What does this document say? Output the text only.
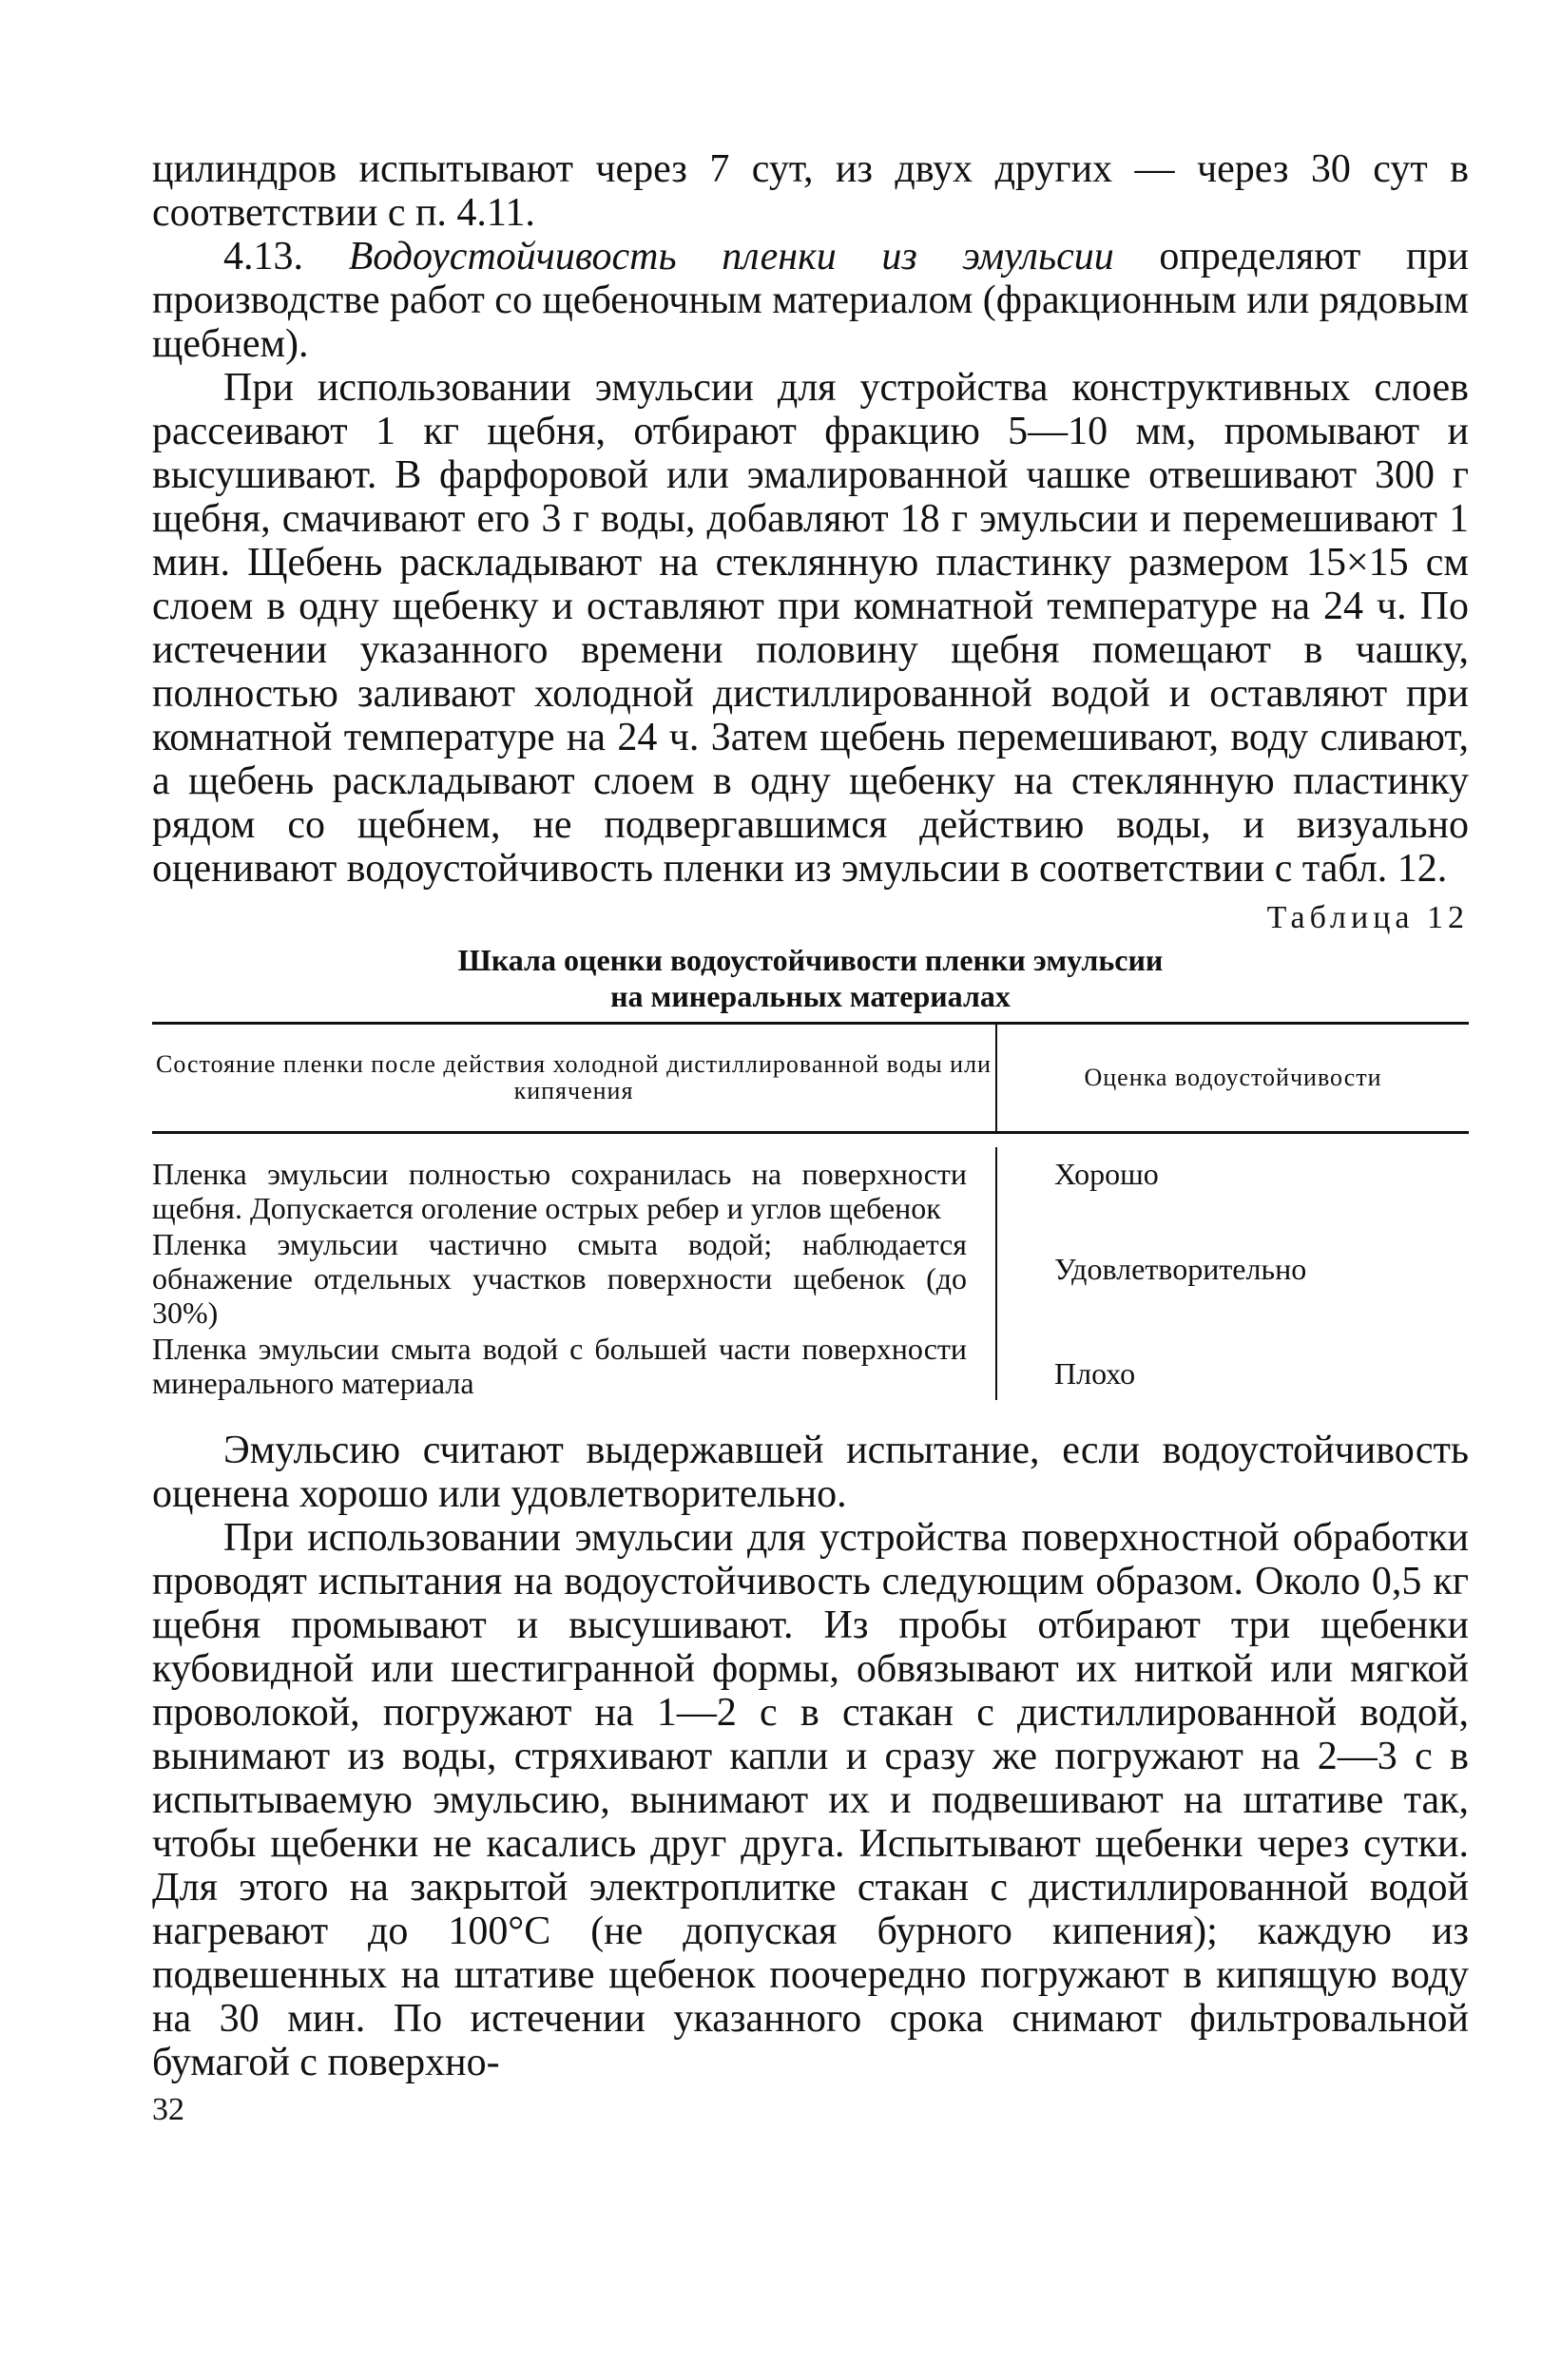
цилиндров испытывают через 7 сут, из двух других — через 30 сут в соответствии с п. 4.11.

4.13. Водоустойчивость пленки из эмульсии определяют при производстве работ со щебеночным материалом (фракционным или рядовым щебнем).

При использовании эмульсии для устройства конструктивных слоев рассеивают 1 кг щебня, отбирают фракцию 5—10 мм, промывают и высушивают. В фарфоровой или эмалированной чашке отвешивают 300 г щебня, смачивают его 3 г воды, добавляют 18 г эмульсии и перемешивают 1 мин. Щебень раскладывают на стеклянную пластинку размером 15×15 см слоем в одну щебенку и оставляют при комнатной температуре на 24 ч. По истечении указанного времени половину щебня помещают в чашку, полностью заливают холодной дистиллированной водой и оставляют при комнатной температуре на 24 ч. Затем щебень перемешивают, воду сливают, а щебень раскладывают слоем в одну щебенку на стеклянную пластинку рядом со щебнем, не подвергавшимся действию воды, и визуально оценивают водоустойчивость пленки из эмульсии в соответствии с табл. 12.

Таблица 12

Шкала оценки водоустойчивости пленки эмульсии

на минеральных материалах

Состояние пленки после действия холодной дистиллированной воды или кипячения	Оценка водоустойчивости
Пленка эмульсии полностью сохранилась на поверхности щебня. Допускается оголение острых ребер и углов щебенок
Хорошо
Пленка эмульсии частично смыта водой; наблюдается обнажение отдельных участков поверхности щебенок (до 30%)
Удовлетворительно
Пленка эмульсии смыта водой с большей части поверхности минерального материала	Плохо

Эмульсию считают выдержавшей испытание, если водоустойчивость оценена хорошо или удовлетворительно.

При использовании эмульсии для устройства поверхностной обработки проводят испытания на водоустойчивость следующим образом. Около 0,5 кг щебня промывают и высушивают. Из пробы отбирают три щебенки кубовидной или шестигранной формы, обвязывают их ниткой или мягкой проволокой, погружают на 1—2 с в стакан с дистиллированной водой, вынимают из воды, стряхивают капли и сразу же погружают на 2—3 с в испытываемую эмульсию, вынимают их и подвешивают на штативе так, чтобы щебенки не касались друг друга. Испытывают щебенки через сутки. Для этого на закрытой электроплитке стакан с дистиллированной водой нагревают до 100°С (не допуская бурного кипения); каждую из подвешенных на штативе щебенок поочередно погружают в кипящую воду на 30 мин. По истечении указанного срока снимают фильтровальной бумагой с поверхно-

32
